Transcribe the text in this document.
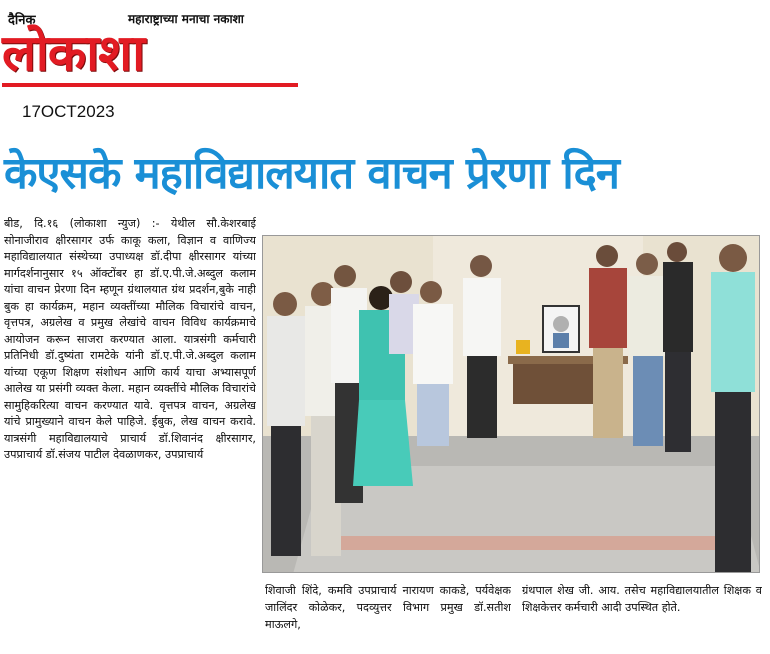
दैनिक	महाराष्ट्राच्या मनाचा नकाशा
लोकाशा
17OCT2023
केएसके महाविद्यालयात वाचन प्रेरणा दिन
बीड, दि.१६ (लोकाशा न्युज) :- येथील सौ.केशरबाई सोनाजीराव क्षीरसागर उर्फ काकू कला, विज्ञान व वाणिज्य महाविद्यालयात संस्थेच्या उपाध्यक्ष डॉ.दीपा क्षीरसागर यांच्या मार्गदर्शनानुसार १५ ऑक्टोंबर हा डॉ.ए.पी.जे.अब्दुल कलाम यांचा वाचन प्रेरणा दिन म्हणून ग्रंथालयात ग्रंथ प्रदर्शन,बुके नाही बुक हा कार्यक्रम, महान व्यक्तींच्या मौलिक विचारांचे वाचन, वृत्तपत्र, अग्रलेख व प्रमुख लेखांचे वाचन विविध कार्यक्रमाचे आयोजन करून साजरा करण्यात आला. यात्रसंगी कर्मचारी प्रतिनिधी डॉ.दुष्यंता रामटेके यांनी डॉ.ए.पी.जे.अब्दुल कलाम यांच्या एकूण शिक्षण संशोधन आणि कार्य याचा अभ्यासपूर्ण आलेख या प्रसंगी व्यक्त केला. महान व्यक्तींचे मौलिक विचारांचे सामुहिकरित्या वाचन करण्यात यावे. वृत्तपत्र वाचन, अग्रलेख यांचे प्रामुख्याने वाचन केले पाहिजे. ईबुक, लेख वाचन करावे. यात्रसंगी महाविद्यालयाचे प्राचार्य डॉ.शिवानंद क्षीरसागर, उपप्राचार्य डॉ.संजय पाटील देवळाणकर, उपप्राचार्य
शिवाजी शिंदे, कमवि उपप्राचार्य नारायण काकडे, पर्यवेक्षक जालिंदर कोळेकर, पदव्युत्तर विभाग प्रमुख डॉ.सतीश माऊलगे,
ग्रंथपाल शेख जी. आय. तसेच महाविद्यालयातील शिक्षक व शिक्षकेत्तर कर्मचारी आदी उपस्थित होते.
